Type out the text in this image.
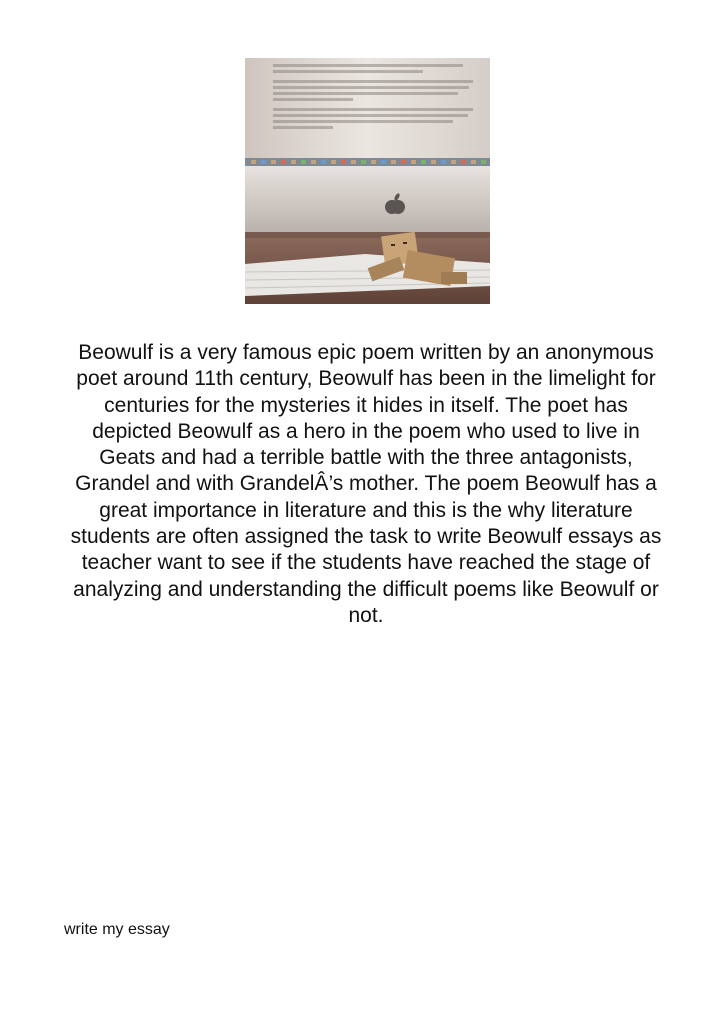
Beowulf is a very famous epic poem written by an anonymous poet around 11th century, Beowulf has been in the limelight for centuries for the mysteries it hides in itself. The poet has depicted Beowulf as a hero in the poem who used to live in Geats and had a terrible battle with the three antagonists, Grandel and with GrandelÂ’s mother. The poem Beowulf has a great importance in literature and this is the why literature students are often assigned the task to write Beowulf essays as teacher want to see if the students have reached the stage of analyzing and understanding the difficult poems like Beowulf or not.

write my essay
